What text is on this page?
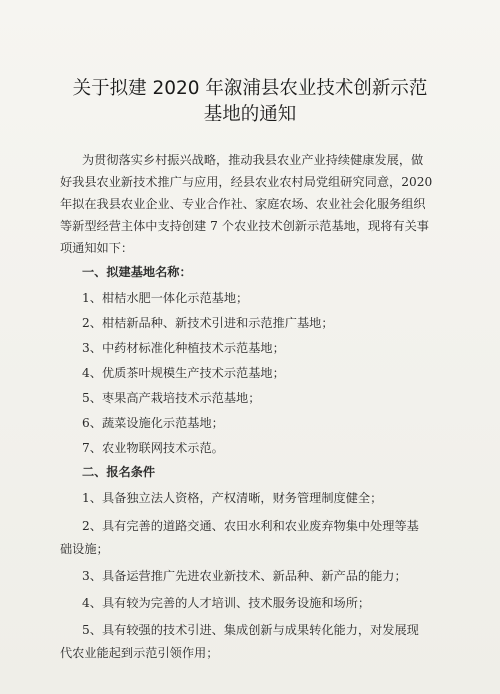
关于拟建 2020 年溆浦县农业技术创新示范
基地的通知
为贯彻落实乡村振兴战略，推动我县农业产业持续健康发展，做
好我县农业新技术推广与应用，经县农业农村局党组研究同意，2020
年拟在我县农业企业、专业合作社、家庭农场、农业社会化服务组织
等新型经营主体中支持创建 7 个农业技术创新示范基地，现将有关事
项通知如下：
一、拟建基地名称：
1、柑桔水肥一体化示范基地；
2、柑桔新品种、新技术引进和示范推广基地；
3、中药材标准化种植技术示范基地；
4、优质茶叶规模生产技术示范基地；
5、枣果高产栽培技术示范基地；
6、蔬菜设施化示范基地；
7、农业物联网技术示范。
二、报名条件
1、具备独立法人资格，产权清晰，财务管理制度健全；
2、具有完善的道路交通、农田水利和农业废弃物集中处理等基
础设施；
3、具备运营推广先进农业新技术、新品种、新产品的能力；
4、具有较为完善的人才培训、技术服务设施和场所；
5、具有较强的技术引进、集成创新与成果转化能力，对发展现
代农业能起到示范引领作用；
